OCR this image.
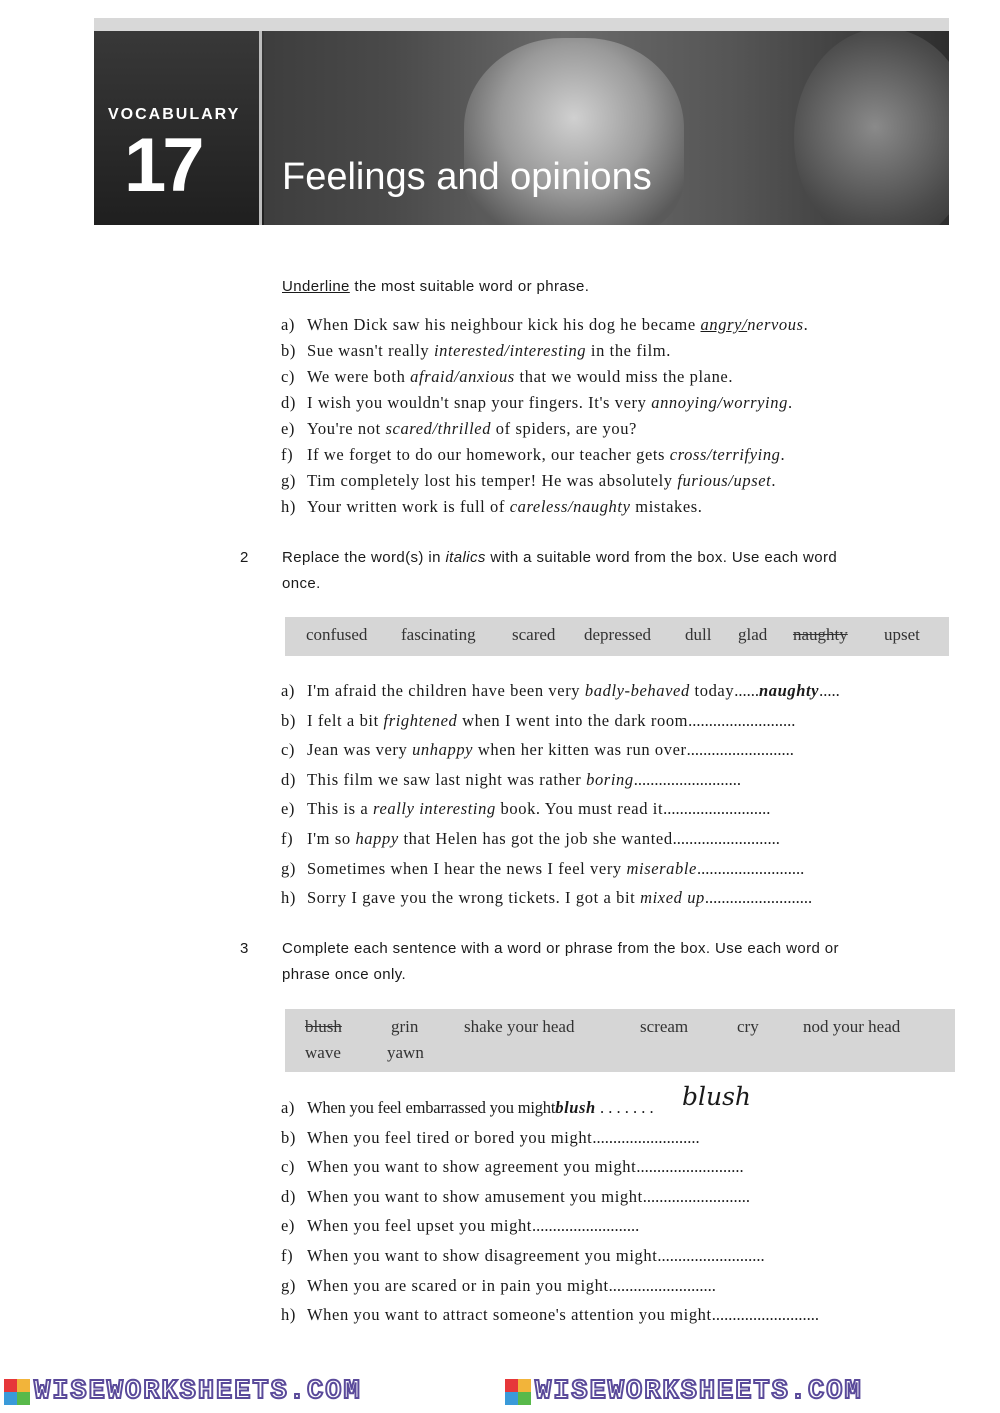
VOCABULARY
17 Feelings and opinions
Underline the most suitable word or phrase.
a) When Dick saw his neighbour kick his dog he became angry/nervous.
b) Sue wasn't really interested/interesting in the film.
c) We were both afraid/anxious that we would miss the plane.
d) I wish you wouldn't snap your fingers. It's very annoying/worrying.
e) You're not scared/thrilled of spiders, are you?
f) If we forget to do our homework, our teacher gets cross/terrifying.
g) Tim completely lost his temper! He was absolutely furious/upset.
h) Your written work is full of careless/naughty mistakes.
2 Replace the word(s) in italics with a suitable word from the box. Use each word
once.
confused fascinating scared depressed dull glad naughty upset
a) I'm afraid the children have been very badly-behaved today......naughty.....
b) I felt a bit frightened when I went into the dark room..........................
c) Jean was very unhappy when her kitten was run over..........................
d) This film we saw last night was rather boring..........................
e) This is a really interesting book. You must read it..........................
f) I'm so happy that Helen has got the job she wanted..........................
g) Sometimes when I hear the news I feel very miserable..........................
h) Sorry I gave you the wrong tickets. I got a bit mixed up..........................
3 Complete each sentence with a word or phrase from the box. Use each word or
phrase once only.
blush	grin	shake your head	scream	cry	nod your head
wave	yawn
blush
a) When you feel embarrassed you mightblush . . . . . . .
b) When you feel tired or bored you might..........................
c) When you want to show agreement you might..........................
d) When you want to show amusement you might..........................
e) When you feel upset you might..........................
f) When you want to show disagreement you might..........................
g) When you are scared or in pain you might..........................
h) When you want to attract someone's attention you might..........................
WISEWORKSHEETS.COM	WISEWORKSHEETS.COM
